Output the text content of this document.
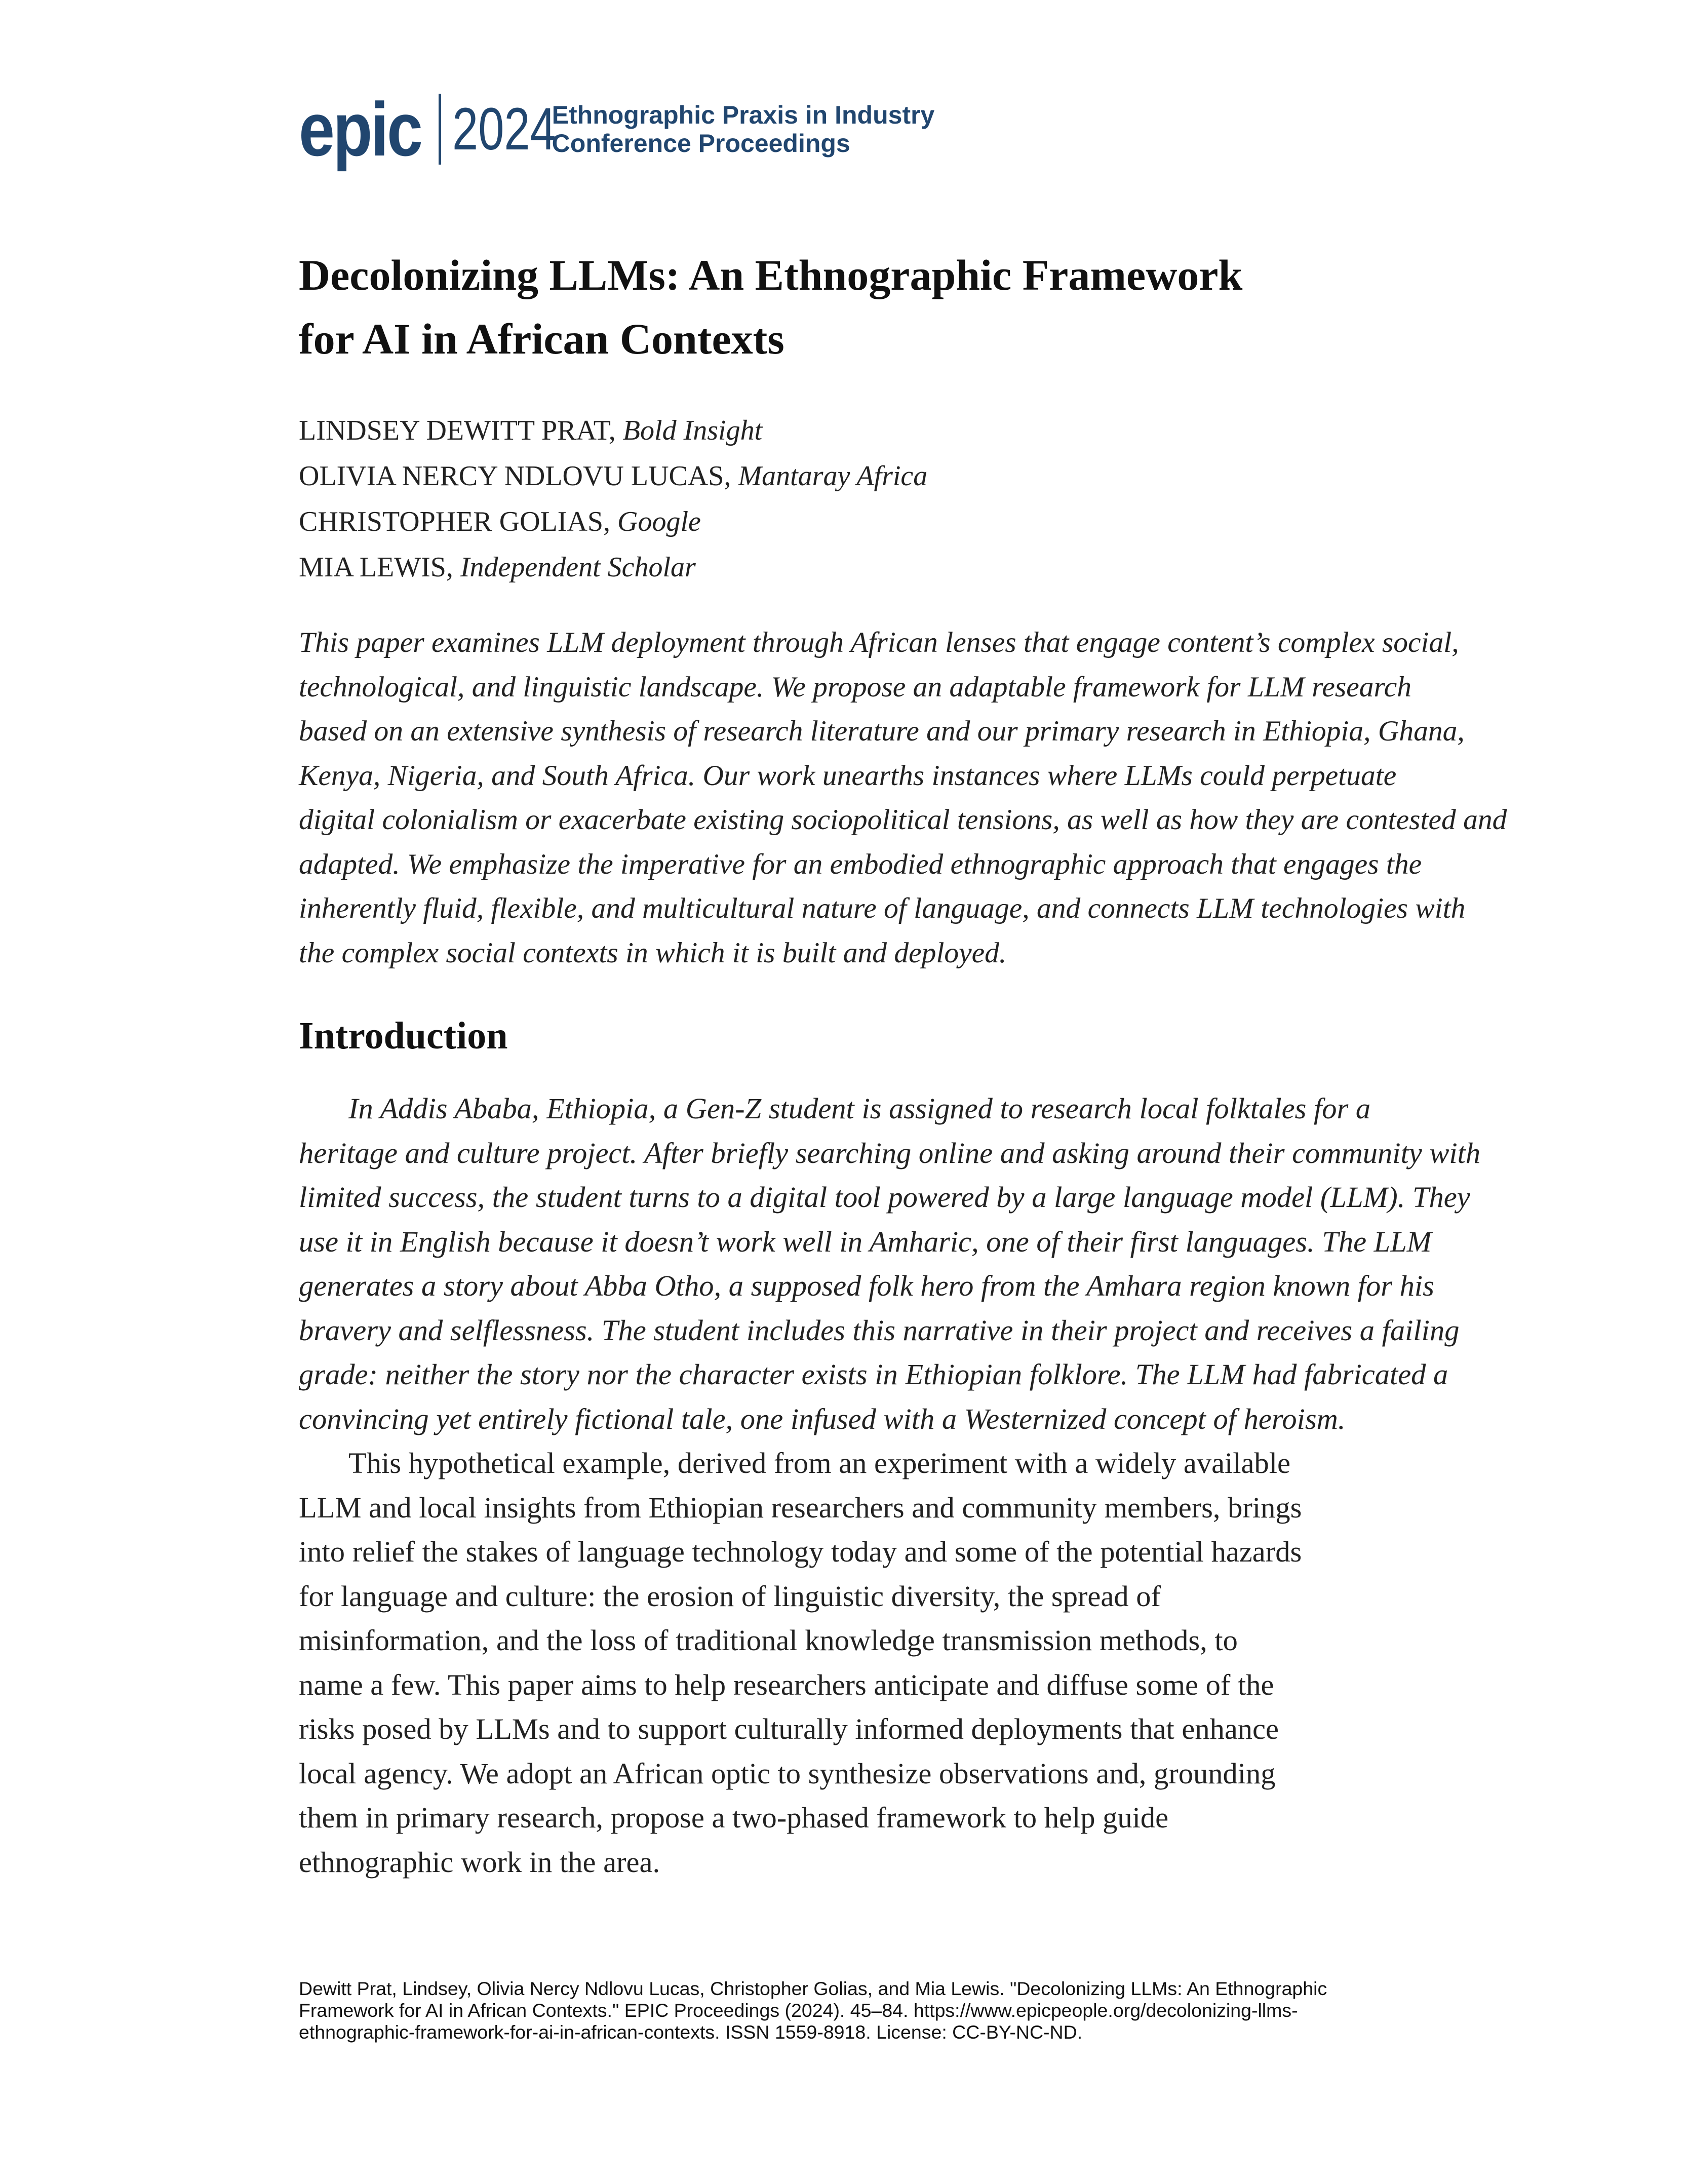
epic 2024
Ethnographic Praxis in Industry
Conference Proceedings
Decolonizing LLMs: An Ethnographic Framework
for AI in African Contexts
LINDSEY DEWITT PRAT, Bold Insight
OLIVIA NERCY NDLOVU LUCAS, Mantaray Africa
CHRISTOPHER GOLIAS, Google
MIA LEWIS, Independent Scholar
This paper examines LLM deployment through African lenses that engage content’s complex social,
technological, and linguistic landscape. We propose an adaptable framework for LLM research
based on an extensive synthesis of research literature and our primary research in Ethiopia, Ghana,
Kenya, Nigeria, and South Africa. Our work unearths instances where LLMs could perpetuate
digital colonialism or exacerbate existing sociopolitical tensions, as well as how they are contested and
adapted. We emphasize the imperative for an embodied ethnographic approach that engages the
inherently fluid, flexible, and multicultural nature of language, and connects LLM technologies with
the complex social contexts in which it is built and deployed.
Introduction
In Addis Ababa, Ethiopia, a Gen-Z student is assigned to research local folktales for a
heritage and culture project. After briefly searching online and asking around their community with
limited success, the student turns to a digital tool powered by a large language model (LLM). They
use it in English because it doesn’t work well in Amharic, one of their first languages. The LLM
generates a story about Abba Otho, a supposed folk hero from the Amhara region known for his
bravery and selflessness. The student includes this narrative in their project and receives a failing
grade: neither the story nor the character exists in Ethiopian folklore. The LLM had fabricated a
convincing yet entirely fictional tale, one infused with a Westernized concept of heroism.
This hypothetical example, derived from an experiment with a widely available
LLM and local insights from Ethiopian researchers and community members, brings
into relief the stakes of language technology today and some of the potential hazards
for language and culture: the erosion of linguistic diversity, the spread of
misinformation, and the loss of traditional knowledge transmission methods, to
name a few. This paper aims to help researchers anticipate and diffuse some of the
risks posed by LLMs and to support culturally informed deployments that enhance
local agency. We adopt an African optic to synthesize observations and, grounding
them in primary research, propose a two-phased framework to help guide
ethnographic work in the area.
Dewitt Prat, Lindsey, Olivia Nercy Ndlovu Lucas, Christopher Golias, and Mia Lewis. "Decolonizing LLMs: An Ethnographic
Framework for AI in African Contexts." EPIC Proceedings (2024). 45–84. https://www.epicpeople.org/decolonizing-llms-
ethnographic-framework-for-ai-in-african-contexts. ISSN 1559-8918. License: CC-BY-NC-ND.
